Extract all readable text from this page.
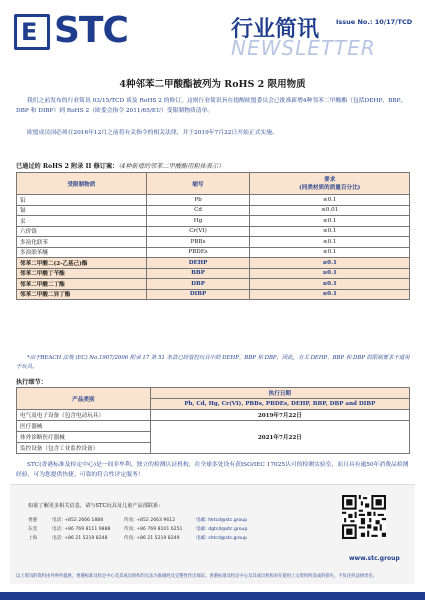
E STC	行业简讯
NEWSLETTER
Issue No.: 10/17/TCD
4种邻苯二甲酸酯被列为 RoHS 2 限用物质

我们之前发布的行业简讯 03/15/TCD 谈及 RoHS 2 的修订，这则行业简讯旨在提醒欧盟委员会已批准新增4种邻苯二甲酸酯（包括DEHP、BBP、DBP 和 DIBP）到 RoHS 2（欧委会指令 2011/65/EU）受限制物质清单。

欧盟成员国必须在2016年12月之前将有关指令的相关法律，并于2019年7月22日开始正式实施。

已通过的 RoHS 2 附录 II 修订案：（4种新增的邻苯二甲酸酯用粗体表示）
受限制物质	缩写	要求
(同类材质的质量百分比)
铅	Pb	≤0.1
镉	Cd	≤0.01
汞	Hg	≤0.1
六价铬	Cr(VI)	≤0.1
多溴化联苯	PBBs	≤0.1
多溴联苯醚	PBDEs	≤0.1
邻苯二甲酸二(2-乙基己)酯	DEHP	≤0.1
邻苯二甲酸丁苄酯	BBP	≤0.1
邻苯二甲酸二丁酯	DBP	≤0.1
邻苯二甲酸二异丁酯	DIBP	≤0.1
*由于REACH 法规 (EC) No.1907/2006 附录 17 第 51 条款已经管控玩具中的 DEHP、BBP 和 DBP，因此，有关 DEHP、BBP 和 DBP 的限制要求不适用于玩具。
执行细节：
产品类别	执行日期
	Pb, Cd, Hg, Cr(VI), PBBs, PBDEs, DEHP, BBP, DBP and DIBP
电气及电子设备（包含电动玩具）	2019年7月22日
医疗器械	2021年7月22日
体外诊断医疗器械	
监控设备（包含工业监控设备）	

STC(香港标准及检定中心)是一间非牟利、独立的检测认证机构，在全球多处设有获ISO/IEC 17025认可的检测实验室，而且具有逾50年消费品检测经验，可为您提供快捷、可靠的符合性评定服务！

如欲了解更多相关信息，请与STC玩具及儿童产品部联系：
香港	电话: +852 2666 1888	传真: +852 2663 9612	电邮: hktcd@stc.group
东莞	电话: +86 769 8111 9888	传真: +86 769 8101 6251	电邮: dgtcd@stc.group
上海	电话: +86 21 5219 8248	传真: +86 21 5219 8249	电邮: shtcd@stc.group
www.stc.group
以上资讯的资料由外界所提供，香港标准及检定中心及其成员机构均无法为准确性及完整性作出保证。香港标准及检定中心及其成员机构对在使用上文资料所造成的损失，不负任何法律责任。
